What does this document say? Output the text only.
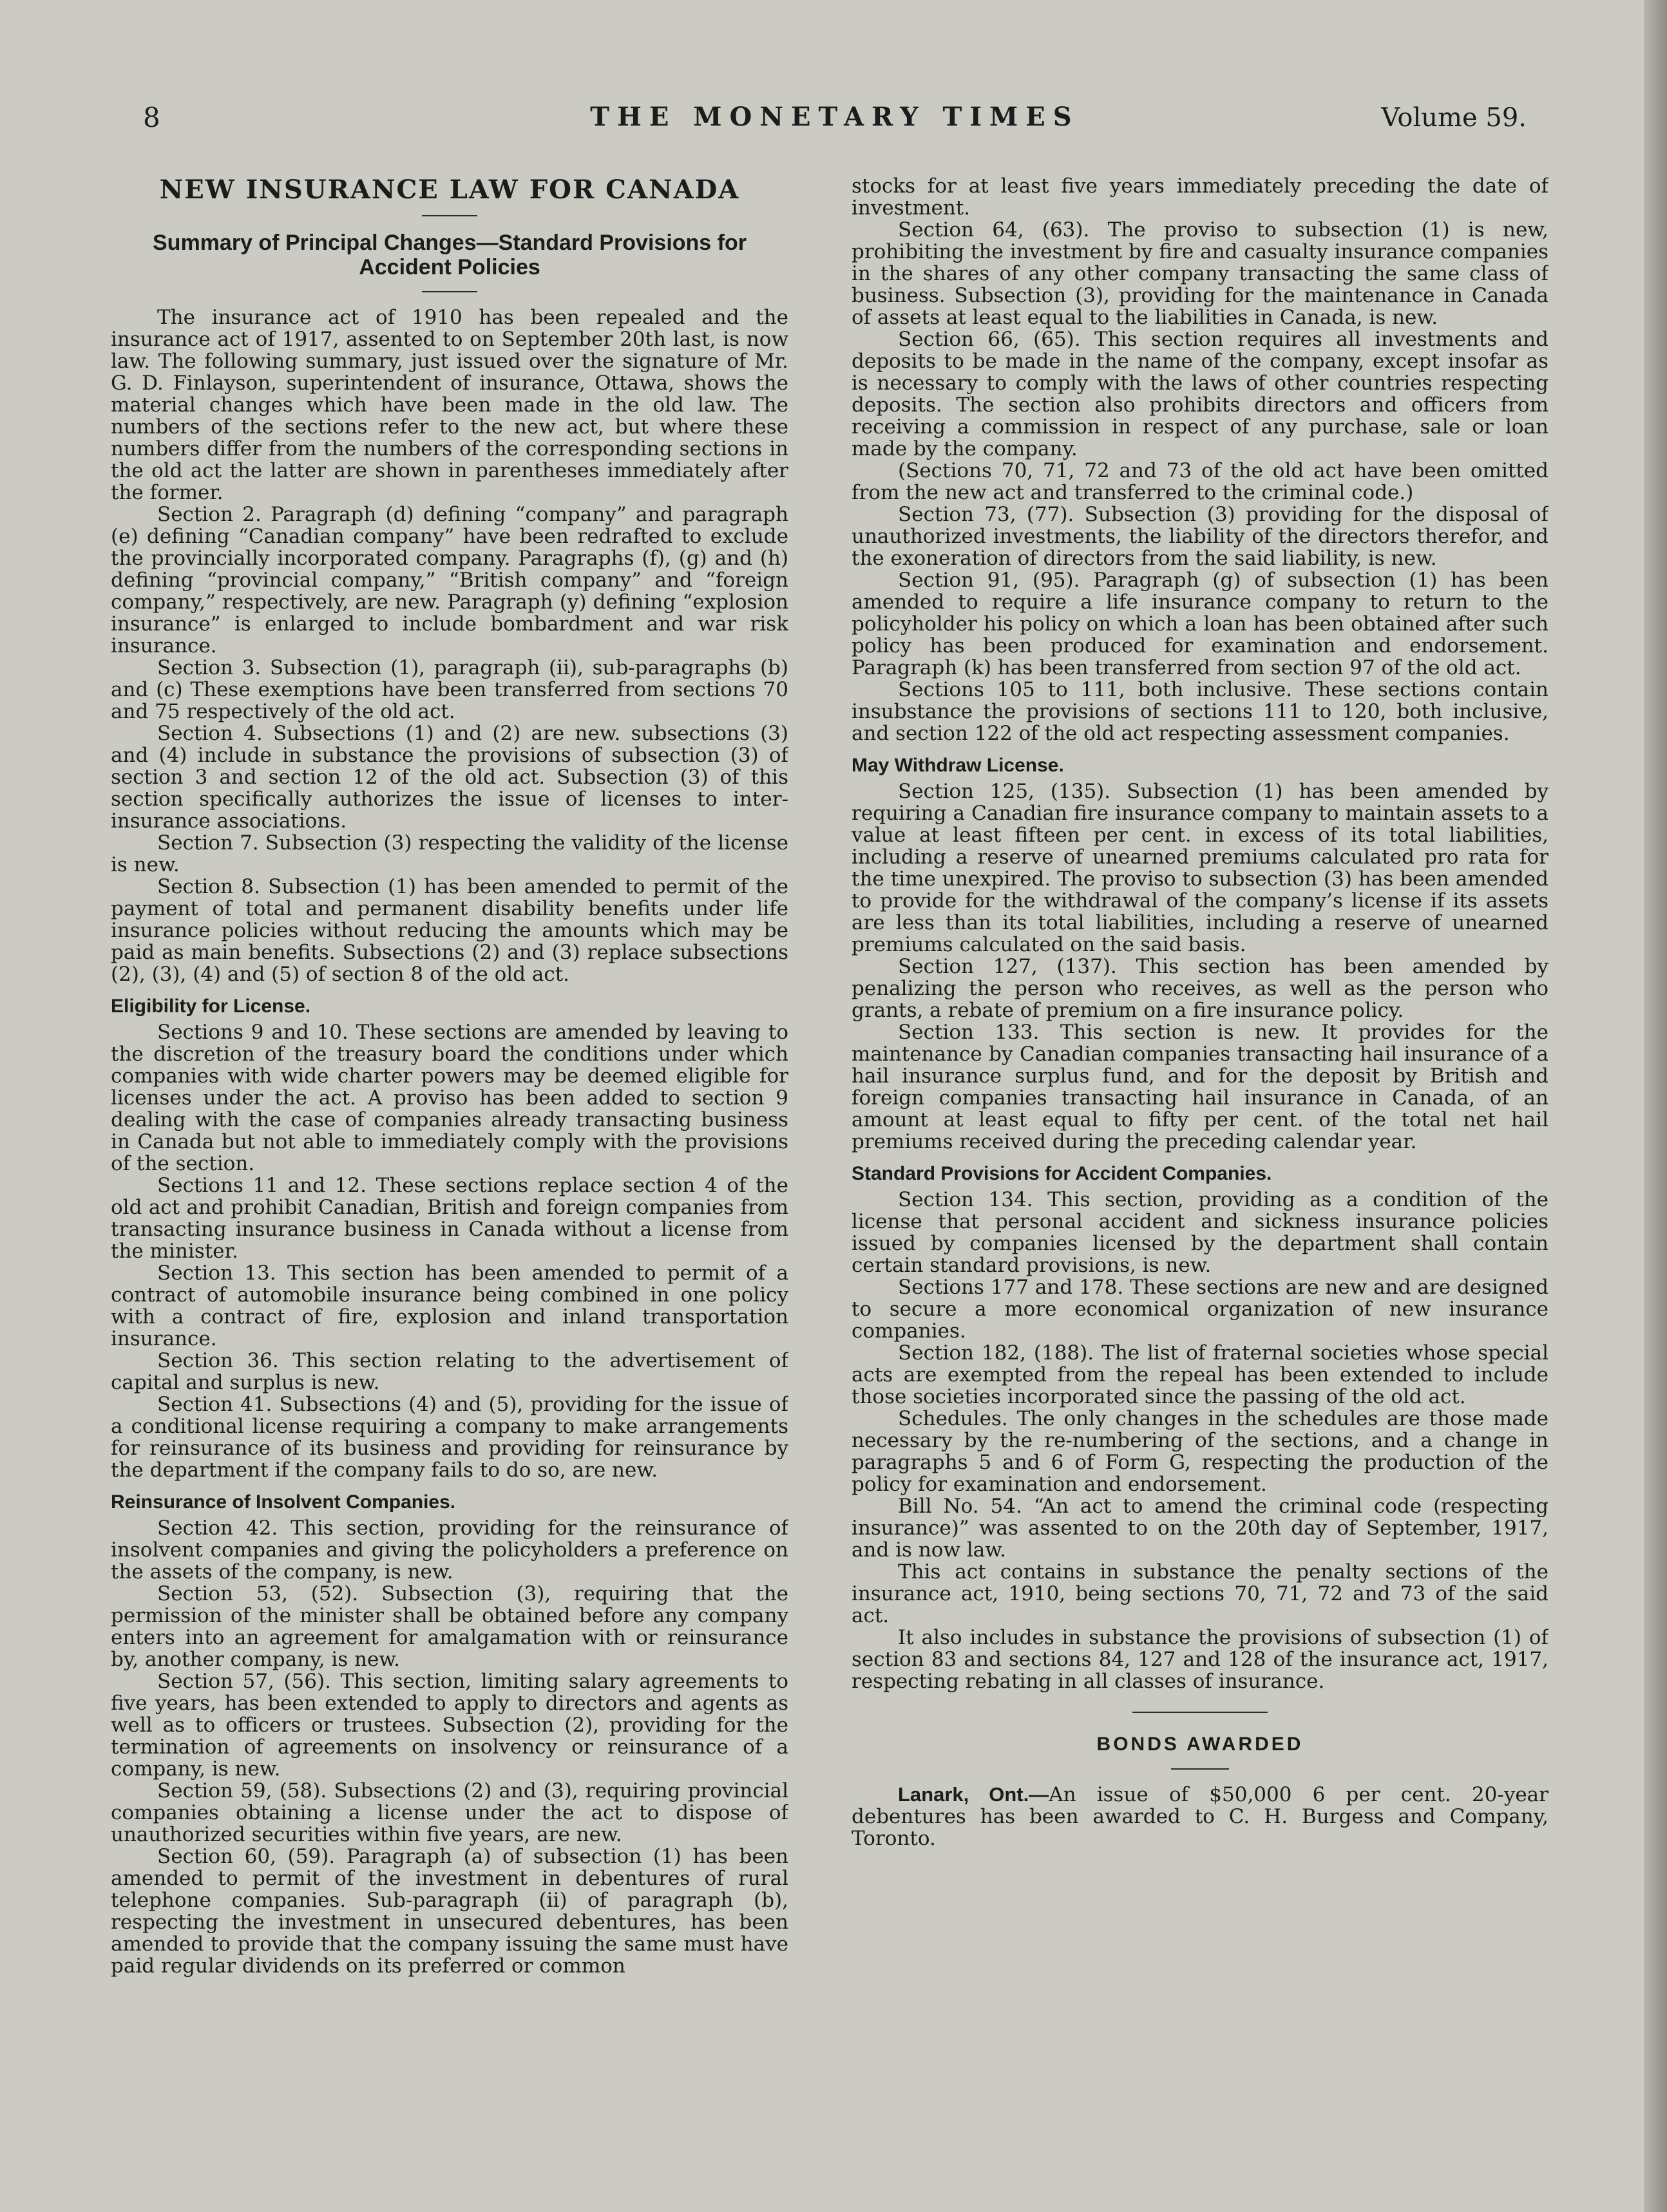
8	THE MONETARY TIMES	Volume 59.
NEW INSURANCE LAW FOR CANADA
Summary of Principal Changes—Standard Provisions for Accident Policies

The insurance act of 1910 has been repealed and the insurance act of 1917, assented to on September 20th last, is now law. The following summary, just issued over the signature of Mr. G. D. Finlayson, superintendent of insurance, Ottawa, shows the material changes which have been made in the old law. The numbers of the sections refer to the new act, but where these numbers differ from the numbers of the corresponding sections in the old act the latter are shown in parentheses immediately after the former.

Section 2. Paragraph (d) defining “company” and paragraph (e) defining “Canadian company” have been redrafted to exclude the provincially incorporated company. Paragraphs (f), (g) and (h) defining “provincial company,” “British company” and “foreign company,” respectively, are new. Paragraph (y) defining “explosion insurance” is enlarged to include bombardment and war risk insurance.

Section 3. Subsection (1), paragraph (ii), sub-paragraphs (b) and (c) These exemptions have been transferred from sections 70 and 75 respectively of the old act.

Section 4. Subsections (1) and (2) are new. subsections (3) and (4) include in substance the provisions of subsection (3) of section 3 and section 12 of the old act. Subsection (3) of this section specifically authorizes the issue of licenses to inter-insurance associations.

Section 7. Subsection (3) respecting the validity of the license is new.

Section 8. Subsection (1) has been amended to permit of the payment of total and permanent disability benefits under life insurance policies without reducing the amounts which may be paid as main benefits. Subsections (2) and (3) replace subsections (2), (3), (4) and (5) of section 8 of the old act.

Eligibility for License.

Sections 9 and 10. These sections are amended by leaving to the discretion of the treasury board the conditions under which companies with wide charter powers may be deemed eligible for licenses under the act. A proviso has been added to section 9 dealing with the case of companies already transacting business in Canada but not able to immediately comply with the provisions of the section.

Sections 11 and 12. These sections replace section 4 of the old act and prohibit Canadian, British and foreign companies from transacting insurance business in Canada without a license from the minister.

Section 13. This section has been amended to permit of a contract of automobile insurance being combined in one policy with a contract of fire, explosion and inland transportation insurance.

Section 36. This section relating to the advertisement of capital and surplus is new.

Section 41. Subsections (4) and (5), providing for the issue of a conditional license requiring a company to make arrangements for reinsurance of its business and providing for reinsurance by the department if the company fails to do so, are new.

Reinsurance of Insolvent Companies.

Section 42. This section, providing for the reinsurance of insolvent companies and giving the policyholders a preference on the assets of the company, is new.

Section 53, (52). Subsection (3), requiring that the permission of the minister shall be obtained before any company enters into an agreement for amalgamation with or reinsurance by, another company, is new.

Section 57, (56). This section, limiting salary agreements to five years, has been extended to apply to directors and agents as well as to officers or trustees. Subsection (2), providing for the termination of agreements on insolvency or reinsurance of a company, is new.

Section 59, (58). Subsections (2) and (3), requiring provincial companies obtaining a license under the act to dispose of unauthorized securities within five years, are new.

Section 60, (59). Paragraph (a) of subsection (1) has been amended to permit of the investment in debentures of rural telephone companies. Sub-paragraph (ii) of paragraph (b), respecting the investment in unsecured debentures, has been amended to provide that the company issuing the same must have paid regular dividends on its preferred or common

stocks for at least five years immediately preceding the date of investment.

Section 64, (63). The proviso to subsection (1) is new, prohibiting the investment by fire and casualty insurance companies in the shares of any other company transacting the same class of business. Subsection (3), providing for the maintenance in Canada of assets at least equal to the liabilities in Canada, is new.

Section 66, (65). This section requires all investments and deposits to be made in the name of the company, except insofar as is necessary to comply with the laws of other countries respecting deposits. The section also prohibits directors and officers from receiving a commission in respect of any purchase, sale or loan made by the company.

(Sections 70, 71, 72 and 73 of the old act have been omitted from the new act and transferred to the criminal code.)

Section 73, (77). Subsection (3) providing for the disposal of unauthorized investments, the liability of the directors therefor, and the exoneration of directors from the said liability, is new.

Section 91, (95). Paragraph (g) of subsection (1) has been amended to require a life insurance company to return to the policyholder his policy on which a loan has been obtained after such policy has been produced for examination and endorsement. Paragraph (k) has been transferred from section 97 of the old act.

Sections 105 to 111, both inclusive. These sections contain insubstance the provisions of sections 111 to 120, both inclusive, and section 122 of the old act respecting assessment companies.

May Withdraw License.

Section 125, (135). Subsection (1) has been amended by requiring a Canadian fire insurance company to maintain assets to a value at least fifteen per cent. in excess of its total liabilities, including a reserve of unearned premiums calculated pro rata for the time unexpired. The proviso to subsection (3) has been amended to provide for the withdrawal of the company’s license if its assets are less than its total liabilities, including a reserve of unearned premiums calculated on the said basis.

Section 127, (137). This section has been amended by penalizing the person who receives, as well as the person who grants, a rebate of premium on a fire insurance policy.

Section 133. This section is new. It provides for the maintenance by Canadian companies transacting hail insurance of a hail insurance surplus fund, and for the deposit by British and foreign companies transacting hail insurance in Canada, of an amount at least equal to fifty per cent. of the total net hail premiums received during the preceding calendar year.

Standard Provisions for Accident Companies.

Section 134. This section, providing as a condition of the license that personal accident and sickness insurance policies issued by companies licensed by the department shall contain certain standard provisions, is new.

Sections 177 and 178. These sections are new and are designed to secure a more economical organization of new insurance companies.

Section 182, (188). The list of fraternal societies whose special acts are exempted from the repeal has been extended to include those societies incorporated since the passing of the old act.

Schedules. The only changes in the schedules are those made necessary by the re-numbering of the sections, and a change in paragraphs 5 and 6 of Form G, respecting the production of the policy for examination and endorsement.

Bill No. 54. “An act to amend the criminal code (respecting insurance)” was assented to on the 20th day of September, 1917, and is now law.

This act contains in substance the penalty sections of the insurance act, 1910, being sections 70, 71, 72 and 73 of the said act.

It also includes in substance the provisions of subsection (1) of section 83 and sections 84, 127 and 128 of the insurance act, 1917, respecting rebating in all classes of insurance.

BONDS AWARDED

Lanark, Ont.—An issue of $50,000 6 per cent. 20-year debentures has been awarded to C. H. Burgess and Company, Toronto.
